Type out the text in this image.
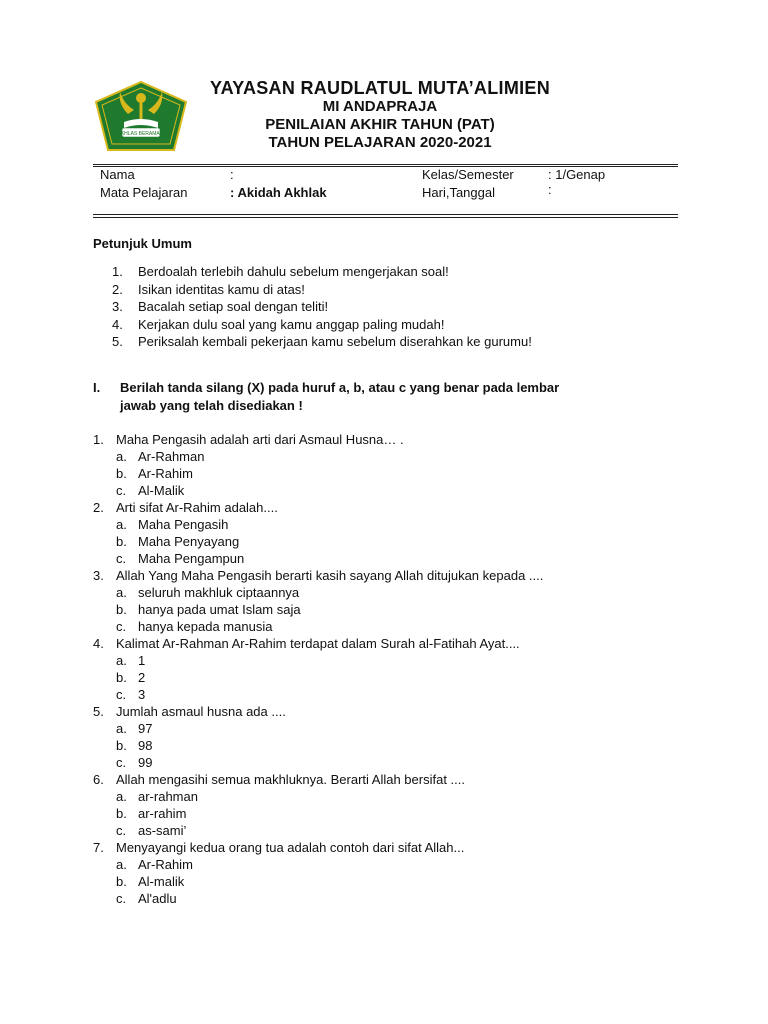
IKHLAS BERAMAL
YAYASAN RAUDLATUL MUTA’ALIMIEN
MI ANDAPRAJA
PENILAIAN AKHIR TAHUN (PAT)
TAHUN PELAJARAN 2020-2021
Nama	:	Kelas/Semester	: 1/Genap
Mata Pelajaran	: Akidah Akhlak	Hari,Tanggal	:
Petunjuk Umum
1. Berdoalah terlebih dahulu sebelum mengerjakan soal!
2. Isikan identitas kamu di atas!
3. Bacalah setiap soal dengan teliti!
4. Kerjakan dulu soal yang kamu anggap paling mudah!
5. Periksalah kembali pekerjaan kamu sebelum diserahkan ke gurumu!
I. Berilah tanda silang (X) pada huruf a, b, atau c yang benar pada lembar
jawab yang telah disediakan !
1. Maha Pengasih adalah arti dari Asmaul Husna… .
a. Ar-Rahman
b. Ar-Rahim
c. Al-Malik
2. Arti sifat Ar-Rahim adalah....
a. Maha Pengasih
b. Maha Penyayang
c. Maha Pengampun
3. Allah Yang Maha Pengasih berarti kasih sayang Allah ditujukan kepada ....
a. seluruh makhluk ciptaannya
b. hanya pada umat Islam saja
c. hanya kepada manusia
4. Kalimat Ar-Rahman Ar-Rahim terdapat dalam Surah al-Fatihah Ayat....
a. 1
b. 2
c. 3
5. Jumlah asmaul husna ada ....
a. 97
b. 98
c. 99
6. Allah mengasihi semua makhluknya. Berarti Allah bersifat ....
a. ar-rahman
b. ar-rahim
c. as-sami’
7. Menyayangi kedua orang tua adalah contoh dari sifat Allah...
a. Ar-Rahim
b. Al-malik
c. Al'adlu
